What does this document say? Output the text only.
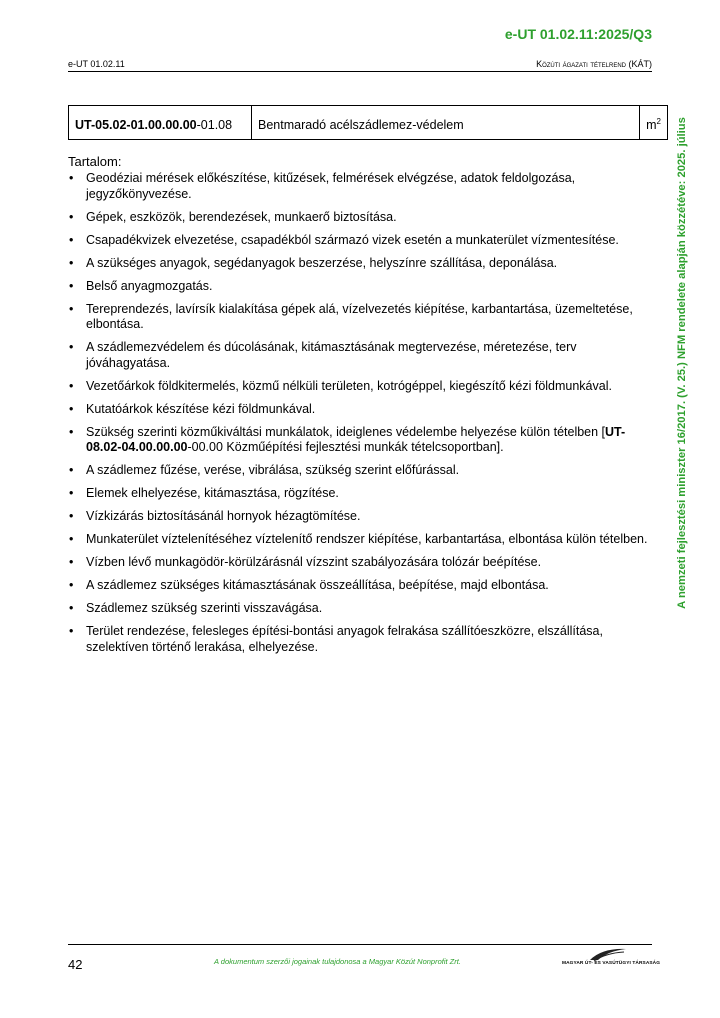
e-UT 01.02.11:2025/Q3
e-UT 01.02.11	Közúti ágazati tételrend (KÁT)
A nemzeti fejlesztési miniszter 16/2017. (V. 25.) NFM rendelete alapján közzétéve: 2025. július
UT-05.02-01.00.00.00-01.08	Bentmaradó acélszádlemez-védelem	$m^2$
Tartalom:
• Geodéziai mérések előkészítése, kitűzések, felmérések elvégzése, adatok feldolgozása, jegyzőkönyvezése.
• Gépek, eszközök, berendezések, munkaerő biztosítása.
• Csapadékvizek elvezetése, csapadékból származó vizek esetén a munkaterület vízmentesítése.
• A szükséges anyagok, segédanyagok beszerzése, helyszínre szállítása, deponálása.
• Belső anyagmozgatás.
• Tereprendezés, lavírsík kialakítása gépek alá, vízelvezetés kiépítése, karbantartása, üzemeltetése, elbontása.
• A szádlemezvédelem és dúcolásának, kitámasztásának megtervezése, méretezése, terv jóváhagyatása.
• Vezetőárkok földkitermelés, közmű nélküli területen, kotrógéppel, kiegészítő kézi földmunkával.
• Kutatóárkok készítése kézi földmunkával.
• Szükség szerinti közműkiváltási munkálatok, ideiglenes védelembe helyezése külön tételben [UT-08.02-04.00.00.00-00.00 Közműépítési fejlesztési munkák tételcsoportban].
• A szádlemez fűzése, verése, vibrálása, szükség szerint előfúrással.
• Elemek elhelyezése, kitámasztása, rögzítése.
• Vízkizárás biztosításánál hornyok hézagtömítése.
• Munkaterület víztelenítéséhez víztelenítő rendszer kiépítése, karbantartása, elbontása külön tételben.
• Vízben lévő munkagödör-körülzárásnál vízszint szabályozására tolózár beépítése.
• A szádlemez szükséges kitámasztásának összeállítása, beépítése, majd elbontása.
• Szádlemez szükség szerinti visszavágása.
• Terület rendezése, felesleges építési-bontási anyagok felrakása szállítóeszközre, elszállítása, szelektíven történő lerakása, elhelyezése.
42	A dokumentum szerzői jogainak tulajdonosa a Magyar Közút Nonprofit Zrt.	MAGYAR ÚT- ÉS VASÚTÜGYI TÁRSASÁG
